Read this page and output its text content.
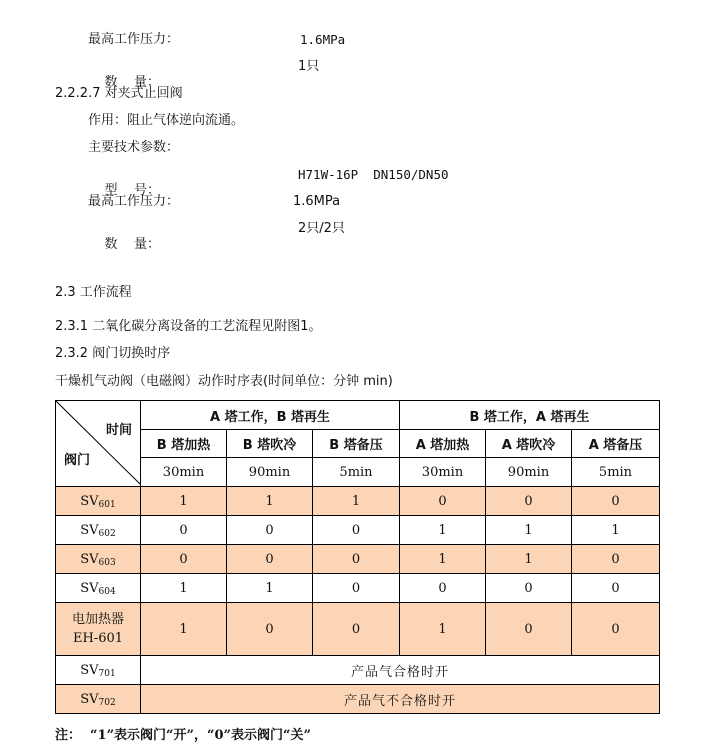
最高工作压力：	1.6MPa

数    量：

1只

2.2.2.7 对夹式止回阀
作用：阻止气体逆向流通。
主要技术参数：

型    号：

H71W-16P  DN150/DN50

最高工作压力：	1.6MPa

数    量：

2只/2只

2.3 工作流程
2.3.1 二氧化碳分离设备的工艺流程见附图1。
2.3.2 阀门切换时序
干燥机气动阀（电磁阀）动作时序表(时间单位：分钟 min)
时间
阀门	A 塔工作，B 塔再生			B 塔工作，A 塔再生		
	B 塔加热	B 塔吹冷	B 塔备压	A 塔加热	A 塔吹冷	A 塔备压
	30min	90min	5min	30min	90min	5min
$SV_{601}$	1	1	1	0	0	0
$SV_{602}$	0	0	0	1	1	1
$SV_{603}$	0	0	0	1	1	0
$SV_{604}$	1	1	0	0	0	0

电加热器
EH-601	1	0	0	1	0	0
$SV_{701}$	产品气合格时开					
$SV_{702}$	产品气不合格时开					
注：  “1”表示阀门“开”，“0”表示阀门“关”
